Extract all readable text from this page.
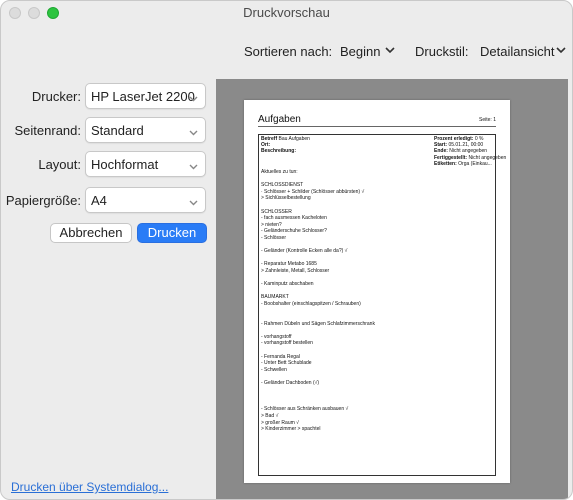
Druckvorschau
Sortieren nach: Beginn	Druckstil: Detailansicht
Drucker: HP LaserJet 2200
Seitenrand: Standard
Layout: Hochformat
Papiergröße: A4
Abbrechen	Drucken
Drucken über Systemdialog...
Aufgaben	Seite: 1
Betreff Bau Aufgaben
Ort:
Beschreibung:
Prozent erledigt: 0 %
Start: 05.01.21, 00:00
Ende: Nicht angegeben
Fertiggestellt: Nicht angegeben
Etiketten: Orga (Einkau...
Aktuelles zu tun:
SCHLOSSDIENST
· Schlösser + Schilder (Schlösser abbürsten) √
> Sichlüsselbestellung
SCHLOSSER
- fach ausmessen Kacheloten
> nieten?
- Geländerschuhe Schlosser?
- Schlösser
- Geländer (Kontrolle Ecken alle da?) √
- Reparatur Metabo 1685
> Zahnleiste, Metall, Schlosser
- Kaminputz abschaben
BAUMARKT
- Boobshalter (einschlagspitzen / Schrauben)
- Rahmen Dübeln und Sägen Schlafzimmerschrank
- vorhangstoff
- vorhangstoff bestellen
- Fernanda Regal
- Unter Bett Schublade
- Schwellen
- Geländer Dachboden (√)
- Schlösser aus Schränken ausbauen √
> Bad √
> großer Raum √
> Kinderzimmer > spachtel
